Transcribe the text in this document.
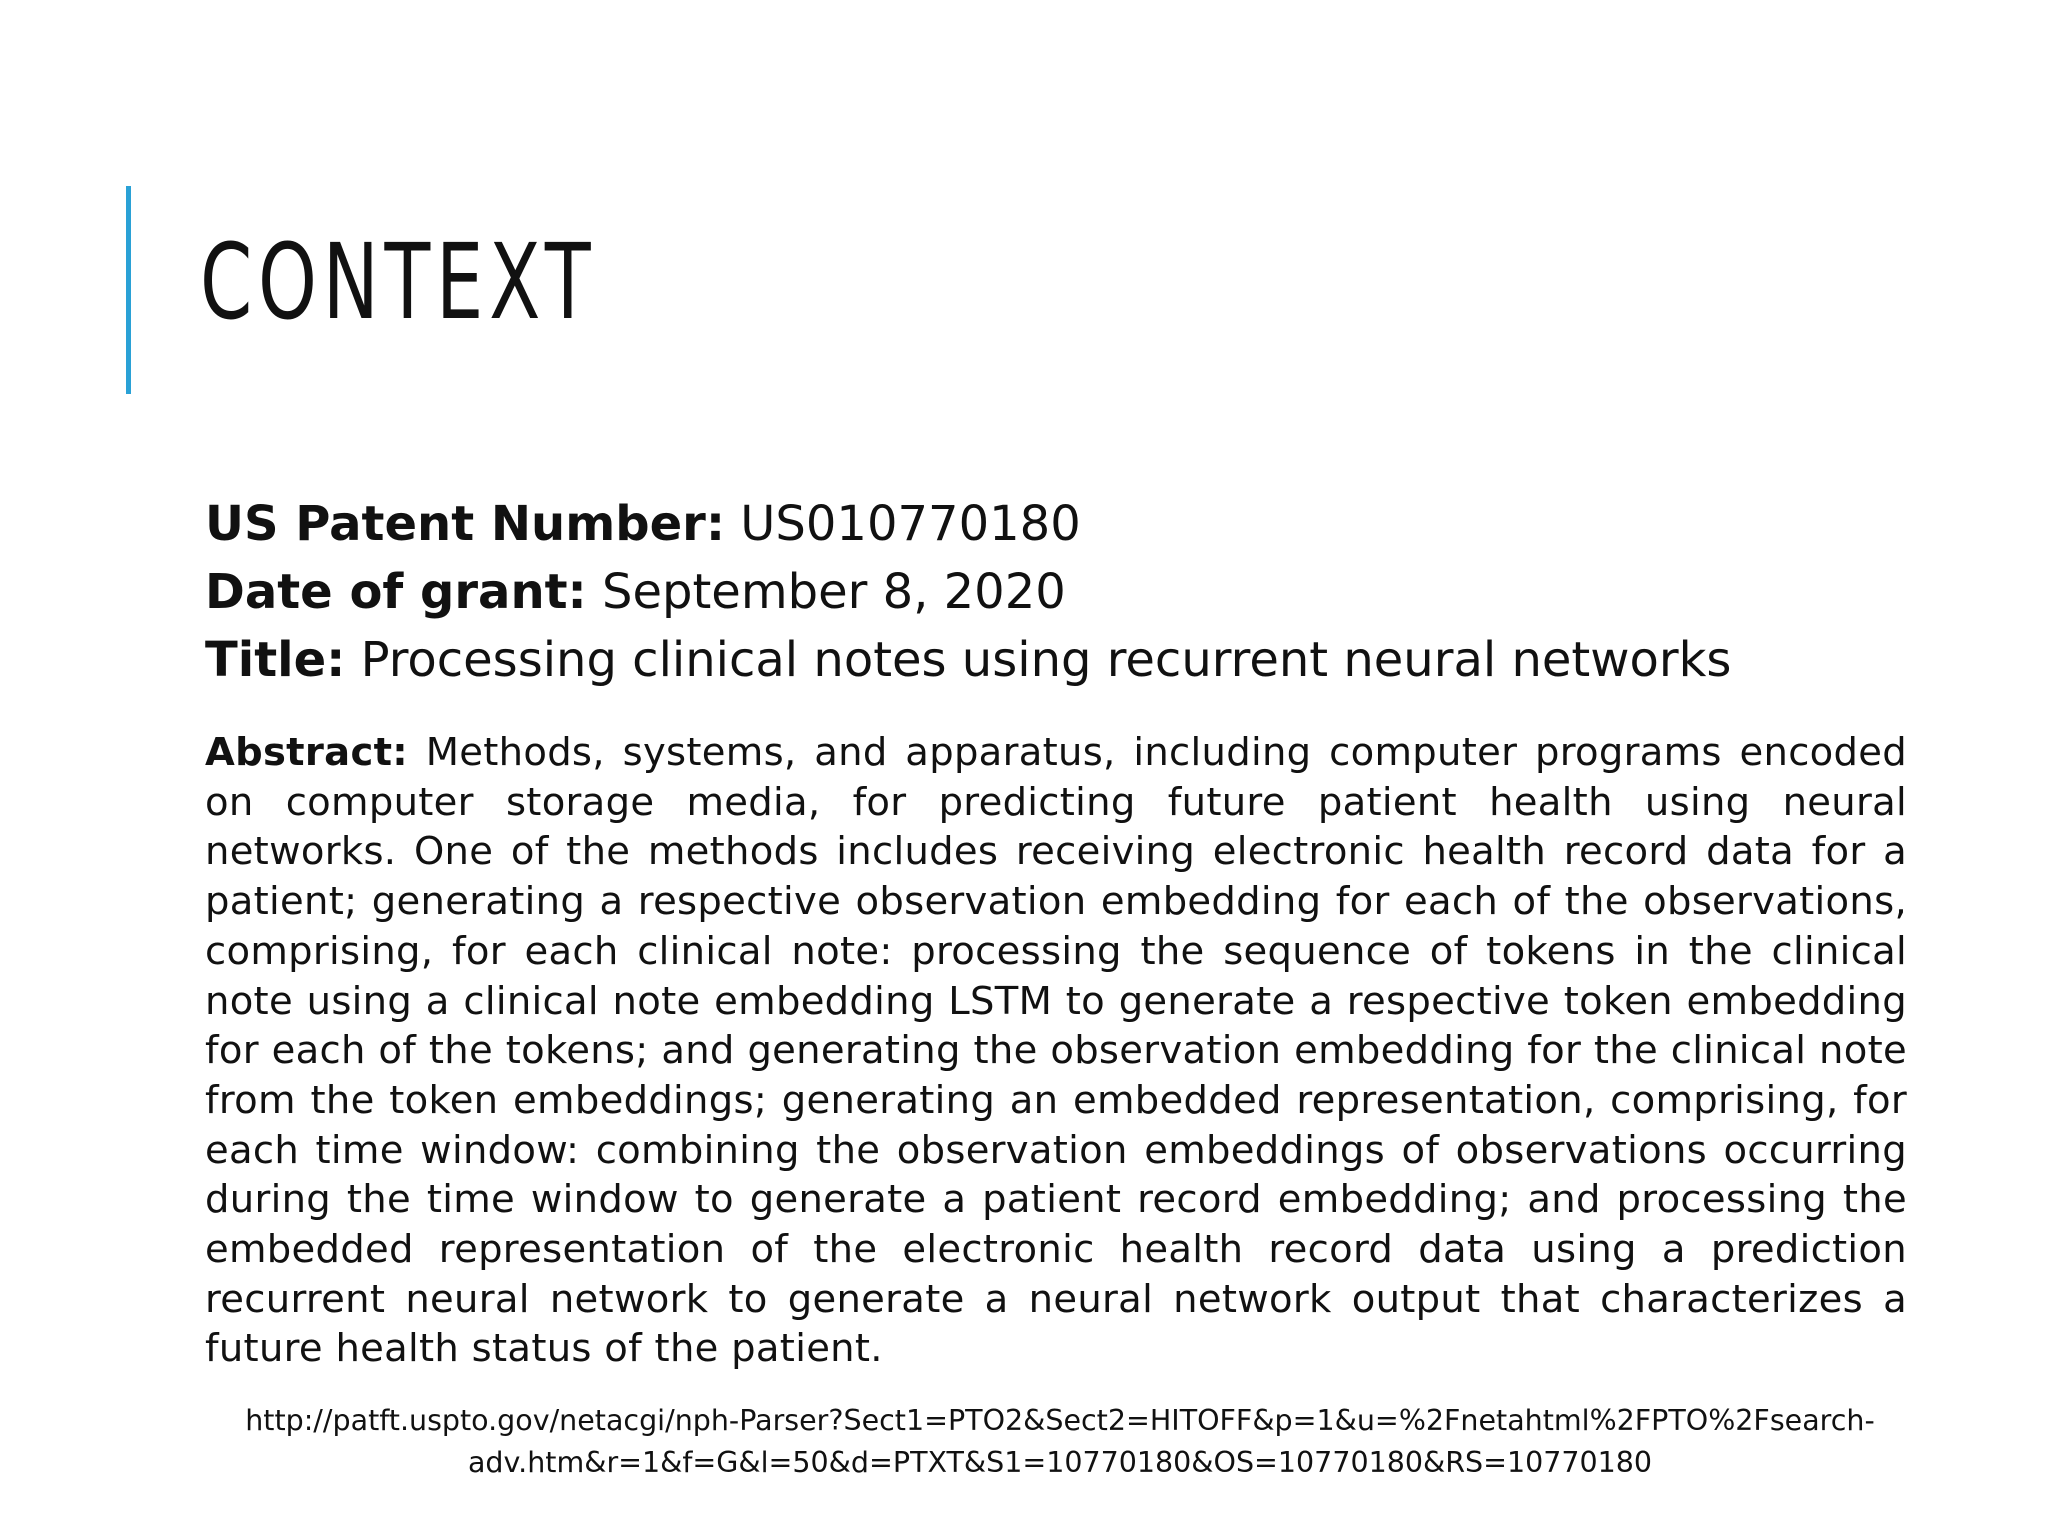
CONTEXT
US Patent Number: US010770180
Date of grant: September 8, 2020
Title: Processing clinical notes using recurrent neural networks

Abstract: Methods, systems, and apparatus, including computer programs encoded on computer storage media, for predicting future patient health using neural networks. One of the methods includes receiving electronic health record data for a patient; generating a respective observation embedding for each of the observations, comprising, for each clinical note: processing the sequence of tokens in the clinical note using a clinical note embedding LSTM to generate a respective token embedding for each of the tokens; and generating the observation embedding for the clinical note from the token embeddings; generating an embedded representation, comprising, for each time window: combining the observation embeddings of observations occurring during the time window to generate a patient record embedding; and processing the embedded representation of the electronic health record data using a prediction recurrent neural network to generate a neural network output that characterizes a future health status of the patient.

http://patft.uspto.gov/netacgi/nph-Parser?Sect1=PTO2&Sect2=HITOFF&p=1&u=%2Fnetahtml%2FPTO%2Fsearch-adv.htm&r=1&f=G&l=50&d=PTXT&S1=10770180&OS=10770180&RS=10770180
